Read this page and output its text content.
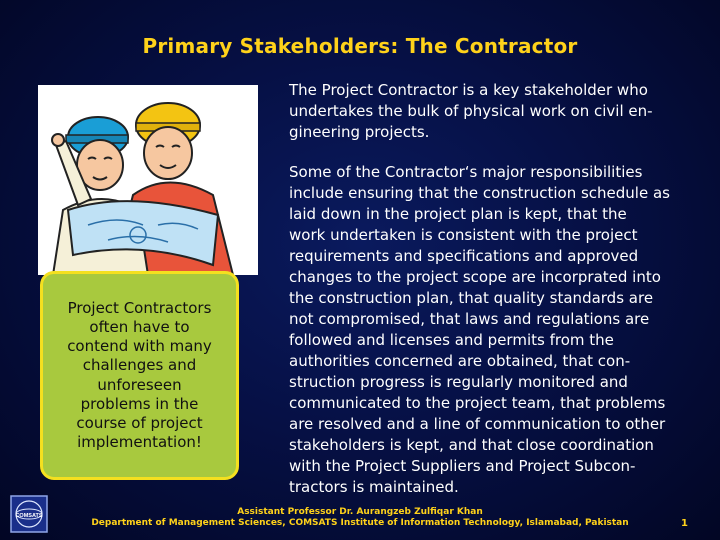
Primary Stakeholders: The Contractor
The Project Contractor is a key stakeholder who
undertakes the bulk of physical work on civil en-
gineering projects.
Some of the Contractor‘s major responsibilities
include ensuring that the construction schedule as
laid down in the project plan is kept, that the
work undertaken is consistent with the project
requirements and specifications and approved
changes to the project scope are incorprated into
the construction plan, that quality standards are
not compromised, that laws and regulations are
followed and licenses and permits from the
authorities concerned are obtained, that con-
struction progress is regularly monitored and
communicated to the project team, that problems
are resolved and a line of communication to other
stakeholders is kept, and that close coordination
with the Project Suppliers and Project Subcon-
tractors is maintained.
Project Contractors
often have to
contend with many
challenges and
unforeseen
problems in the
course of project
implementation!
COMSATS	Assistant Professor Dr. Aurangzeb Zulfiqar Khan
Department of Management Sciences, COMSATS Institute of Information Technology, Islamabad, Pakistan	1
